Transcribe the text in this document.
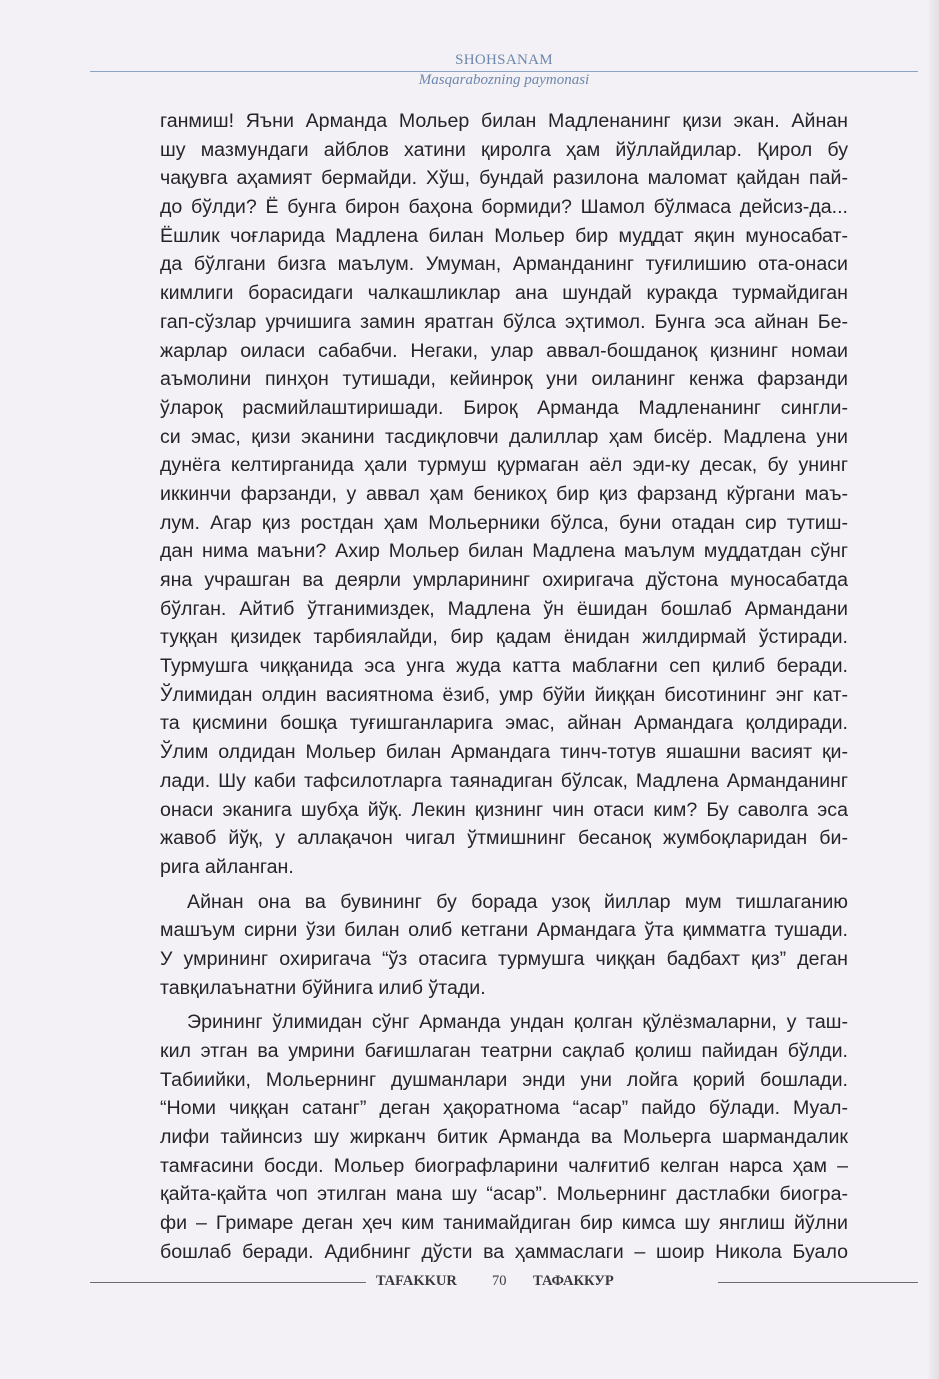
SHOHSANAM
Masqarabozning paymonasi
ганмиш! Яъни Арманда Мольер билан Мадленанинг қизи экан. Айнан
шу мазмундаги айблов хатини қиролга ҳам йўллайдилар. Қирол бу
чақувга аҳамият бермайди. Хўш, бундай разилона маломат қайдан пай-
до бўлди? Ё бунга бирон баҳона бормиди? Шамол бўлмаса дейсиз-да...
Ёшлик чоғларида Мадлена билан Мольер бир муддат яқин муносабат-
да бўлгани бизга маълум. Умуман, Арманданинг туғилишию ота-онаси
кимлиги борасидаги чалкашликлар ана шундай куракда турмайдиган
гап-сўзлар урчишига замин яратган бўлса эҳтимол. Бунга эса айнан Бе-
жарлар оиласи сабабчи. Негаки, улар аввал-бошданоқ қизнинг номаи
аъмолини пинҳон тутишади, кейинроқ уни оиланинг кенжа фарзанди
ўларoқ расмийлаштиришади. Бироқ Арманда Мадленанинг сингли-
си эмас, қизи эканини тасдиқловчи далиллар ҳам бисёр. Мадлена уни
дунёга келтирганида ҳали турмуш қурмаган аёл эди-ку десак, бу унинг
иккинчи фарзанди, у аввал ҳам беникоҳ бир қиз фарзанд кўргани маъ-
лум. Агар қиз ростдан ҳам Мольерники бўлса, буни отадан сир тутиш-
дан нима маъни? Ахир Мольер билан Мадлена маълум муддатдан сўнг
яна учрашган ва деярли умрларининг охиригача дўстона муносабатда
бўлган. Айтиб ўтганимиздек, Мадлена ўн ёшидан бошлаб Армандани
туққан қизидек тарбиялайди, бир қадам ёнидан жилдирмай ўстиради.
Турмушга чиққанида эса унга жуда катта маблағни сеп қилиб беради.
Ўлимидан олдин васиятнома ёзиб, умр бўйи йиққан бисотининг энг кат-
та қисмини бошқа туғишганларига эмас, айнан Армандага қолдиради.
Ўлим олдидан Мольер билан Армандага тинч-тотув яшашни васият қи-
лади. Шу каби тафсилотларга таянадиган бўлсак, Мадлена Арманданинг
онаси эканига шубҳа йўқ. Лекин қизнинг чин отаси ким? Бу саволга эса
жавоб йўқ, у аллақачон чигал ўтмишнинг бесаноқ жумбоқларидан би-
рига айланган.
Айнан она ва бувининг бу борада узоқ йиллар мум тишлаганию
машъум сирни ўзи билан олиб кетгани Армандага ўта қимматга тушади.
У умрининг охиригача “ўз отасига турмушга чиққан бадбахт қиз” деган
тавқилаънатни бўйнига илиб ўтади.
Эрининг ўлимидан сўнг Арманда ундан қолган қўлёзмаларни, у таш-
кил этган ва умрини бағишлаган театрни сақлаб қолиш пайидан бўлди.
Табиийки, Мольернинг душманлари энди уни лойга қорий бошлади.
“Номи чиққан сатанг” деган ҳақоратнома “асар” пайдо бўлади. Муал-
лифи тайинсиз шу жирканч битик Арманда ва Мольерга шармандалик
тамғасини босди. Мольер биографларини чалғитиб келган нарса ҳам –
қайта-қайта чоп этилган мана шу “асар”. Мольернинг дастлабки биогра-
фи – Гримаре деган ҳеч ким танимайдиган бир кимса шу янглиш йўлни
бошлаб беради. Адибнинг дўсти ва ҳаммаслаги – шоир Никола Буало
TAFAKKUR 70 ТАФАККУР
